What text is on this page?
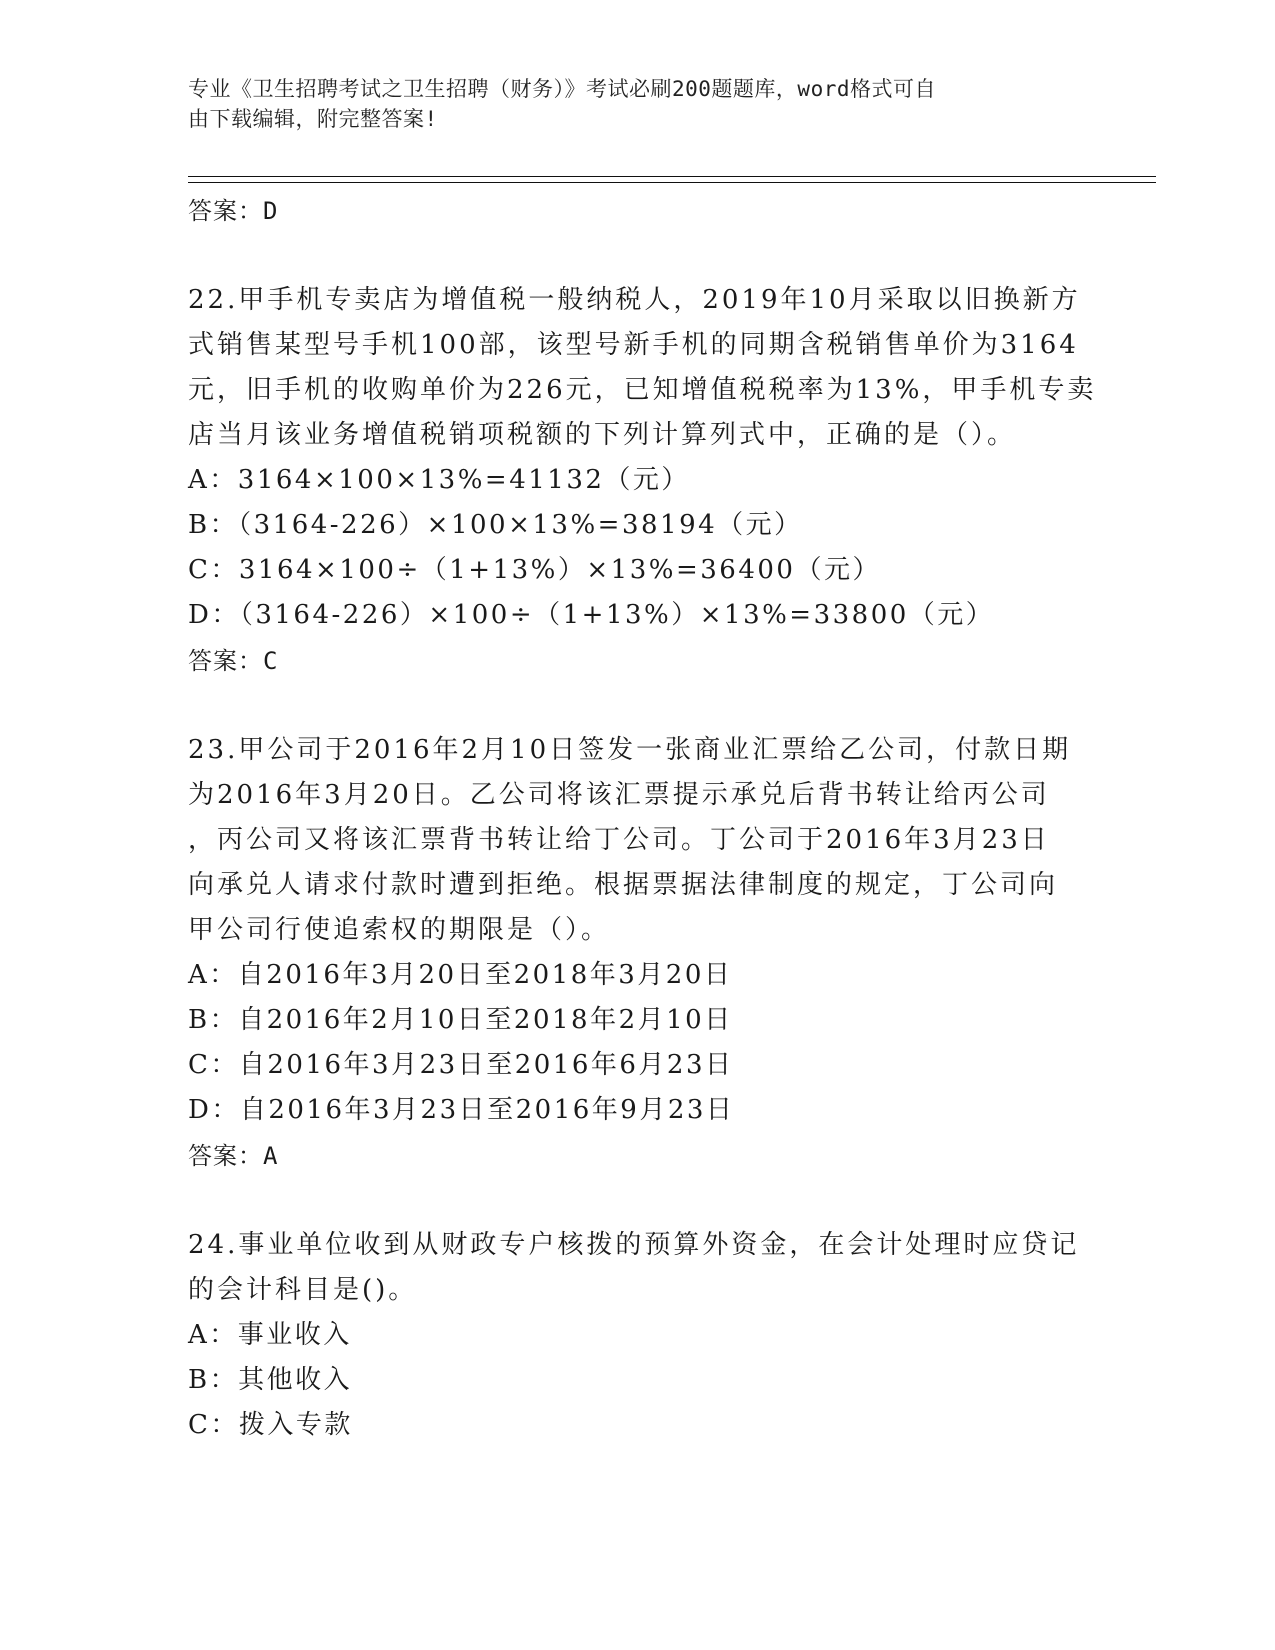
专业《卫生招聘考试之卫生招聘（财务）》考试必刷200题题库，word格式可自
由下载编辑，附完整答案!
答案：D
22.甲手机专卖店为增值税一般纳税人，2019年10月采取以旧换新方
式销售某型号手机100部，该型号新手机的同期含税销售单价为3164
元，旧手机的收购单价为226元，已知增值税税率为13%，甲手机专卖
店当月该业务增值税销项税额的下列计算列式中，正确的是（）。
A：3164×100×13%=41132（元）
B：（3164-226）×100×13%=38194（元）
C：3164×100÷（1+13%）×13%=36400（元）
D：（3164-226）×100÷（1+13%）×13%=33800（元）
答案：C
23.甲公司于2016年2月10日签发一张商业汇票给乙公司，付款日期
为2016年3月20日。乙公司将该汇票提示承兑后背书转让给丙公司
，丙公司又将该汇票背书转让给丁公司。丁公司于2016年3月23日
向承兑人请求付款时遭到拒绝。根据票据法律制度的规定，丁公司向
甲公司行使追索权的期限是（）。
A：自2016年3月20日至2018年3月20日
B：自2016年2月10日至2018年2月10日
C：自2016年3月23日至2016年6月23日
D：自2016年3月23日至2016年9月23日
答案：A
24.事业单位收到从财政专户核拨的预算外资金，在会计处理时应贷记
的会计科目是()。
A：事业收入
B：其他收入
C：拨入专款
